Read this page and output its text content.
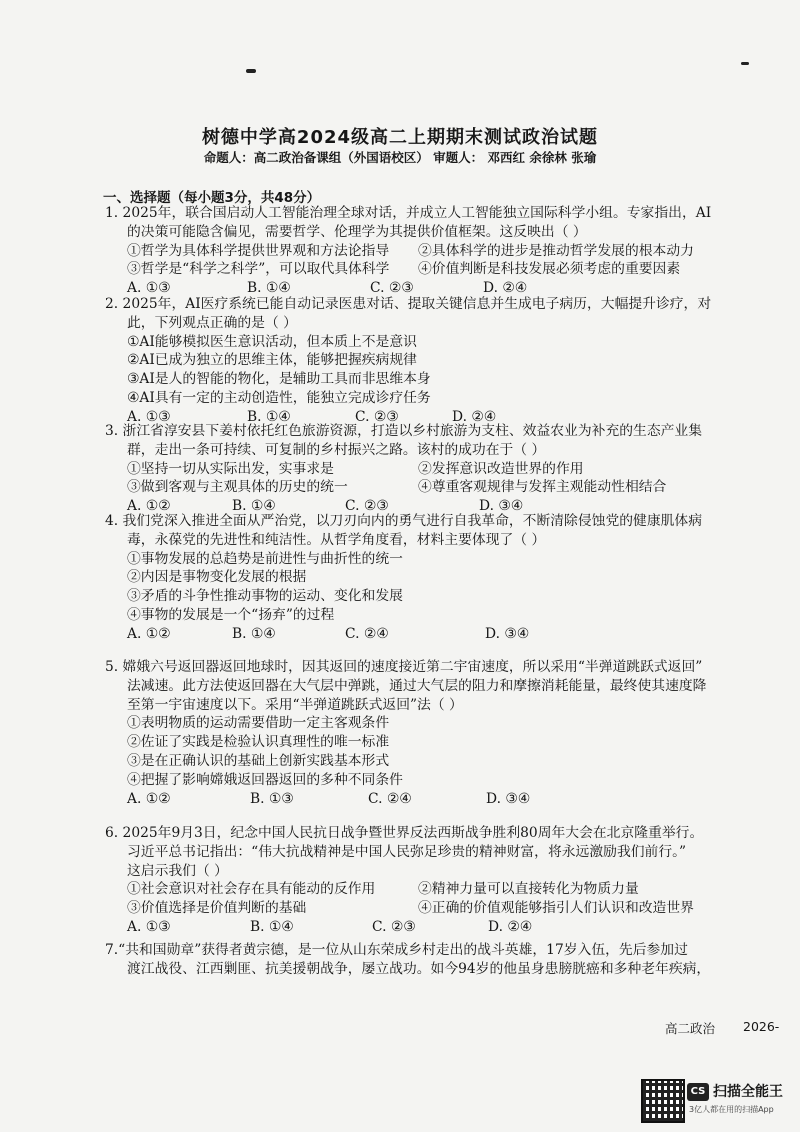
树德中学高2024级高二上期期末测试政治试题
命题人：高二政治备课组（外国语校区） 审题人： 邓西红 余徐林 张瑜
一、选择题（每小题3分，共48分）
1. 2025年，联合国启动人工智能治理全球对话，并成立人工智能独立国际科学小组。专家指出，AI
的决策可能隐含偏见，需要哲学、伦理学为其提供价值框架。这反映出（ ）
①哲学为具体科学提供世界观和方法论指导 ②具体科学的进步是推动哲学发展的根本动力
③哲学是“科学之科学”，可以取代具体科学 ④价值判断是科技发展必须考虑的重要因素
A. ①③	B. ①④	C. ②③	D. ②④
2. 2025年，AI医疗系统已能自动记录医患对话、提取关键信息并生成电子病历，大幅提升诊疗，对
此，下列观点正确的是（ ）
①AI能够模拟医生意识活动，但本质上不是意识
②AI已成为独立的思维主体，能够把握疾病规律
③AI是人的智能的物化，是辅助工具而非思维本身
④AI具有一定的主动创造性，能独立完成诊疗任务
A. ①③	B. ①④	C. ②③	D. ②④
3. 浙江省淳安县下姜村依托红色旅游资源，打造以乡村旅游为支柱、效益农业为补充的生态产业集
群，走出一条可持续、可复制的乡村振兴之路。该村的成功在于（ ）
①坚持一切从实际出发，实事求是	②发挥意识改造世界的作用
③做到客观与主观具体的历史的统一	④尊重客观规律与发挥主观能动性相结合
A. ①②	B. ①④	C. ②③	D. ③④
4. 我们党深入推进全面从严治党，以刀刃向内的勇气进行自我革命，不断清除侵蚀党的健康肌体病
毒，永葆党的先进性和纯洁性。从哲学角度看，材料主要体现了（ ）
①事物发展的总趋势是前进性与曲折性的统一
②内因是事物变化发展的根据
③矛盾的斗争性推动事物的运动、变化和发展
④事物的发展是一个“扬弃”的过程
A. ①②	B. ①④	C. ②④	D. ③④
5. 嫦娥六号返回器返回地球时，因其返回的速度接近第二宇宙速度，所以采用“半弹道跳跃式返回”
法减速。此方法使返回器在大气层中弹跳，通过大气层的阻力和摩擦消耗能量，最终使其速度降
至第一宇宙速度以下。采用“半弹道跳跃式返回”法（ ）
①表明物质的运动需要借助一定主客观条件
②佐证了实践是检验认识真理性的唯一标准
③是在正确认识的基础上创新实践基本形式
④把握了影响嫦娥返回器返回的多种不同条件
A. ①②	B. ①③	C. ②④	D. ③④
6. 2025年9月3日，纪念中国人民抗日战争暨世界反法西斯战争胜利80周年大会在北京隆重举行。
习近平总书记指出：“伟大抗战精神是中国人民弥足珍贵的精神财富，将永远激励我们前行。”
这启示我们（ ）
①社会意识对社会存在具有能动的反作用	②精神力量可以直接转化为物质力量
③价值选择是价值判断的基础	④正确的价值观能够指引人们认识和改造世界
A. ①③	B. ①④	C. ②③	D. ②④
7.“共和国勋章”获得者黄宗德，是一位从山东荣成乡村走出的战斗英雄，17岁入伍，先后参加过
渡江战役、江西剿匪、抗美援朝战争，屡立战功。如今94岁的他虽身患膀胱癌和多种老年疾病，
高二政治 2026-
CS 扫描全能王
3亿人都在用的扫描App
